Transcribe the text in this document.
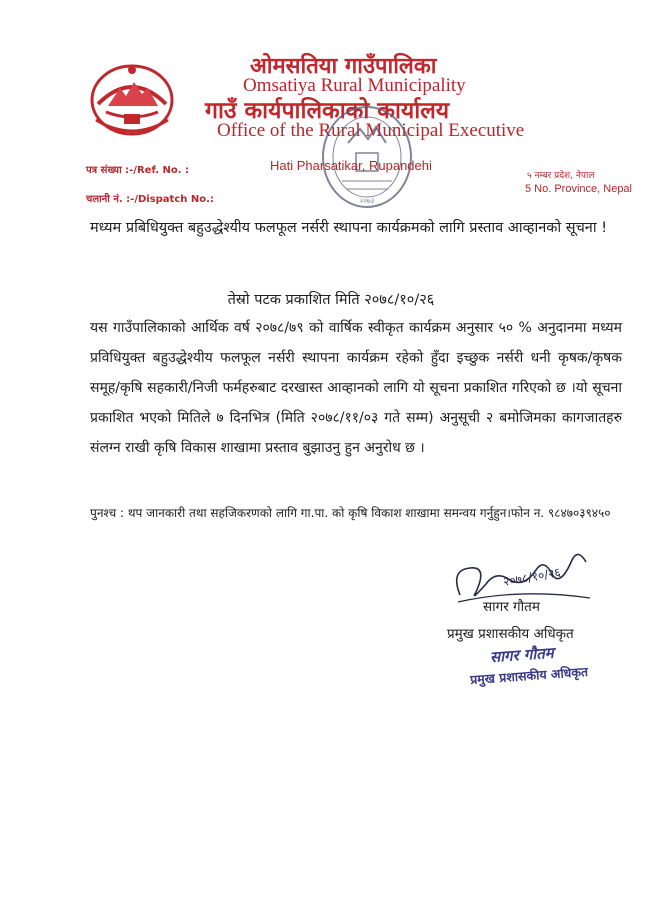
ओमसतिया गाउँपालिका
Omsatiya Rural Municipality
गाउँ कार्यपालिकाको कार्यालय
Office of the Rural Municipal Executive
२०७३
Hati Pharsatikar, Rupandehi
पत्र संख्या :-/Ref. No. :
चलानी नं. :-/Dispatch No.:
५ नम्बर प्रदेश, नेपाल
5 No. Province, Nepal
मध्यम प्रबिधियुक्त बहुउद्धेश्यीय फलफूल नर्सरी स्थापना कार्यक्रमको लागि प्रस्ताव आव्हानको सूचना !
तेस्रो पटक प्रकाशित मिति २०७८/१०/२६
यस गाउँपालिकाको आर्थिक वर्ष २०७८/७९ को वार्षिक स्वीकृत कार्यक्रम अनुसार ५० % अनुदानमा मध्यम प्रविधियुक्त बहुउद्धेश्यीय फलफूल नर्सरी स्थापना कार्यक्रम रहेको हुँदा इच्छुक नर्सरी धनी कृषक/कृषक समूह/कृषि सहकारी/निजी फर्महरुबाट दरखास्त आव्हानको लागि यो सूचना प्रकाशित गरिएको छ ।यो सूचना प्रकाशित भएको मितिले ७ दिनभित्र (मिति २०७८/११/०३ गते सम्म) अनुसूची २ बमोजिमका कागजातहरु संलग्न राखी कृषि विकास शाखामा प्रस्ताव बुझाउनु हुन अनुरोध छ ।
पुनश्च : थप जानकारी तथा सहजिकरणको लागि गा.पा. को कृषि विकाश शाखामा समन्वय गर्नुहुन।फोन न. ९८४७०३९४५०
२०७८/१०/२६
सागर गौतम
प्रमुख प्रशासकीय अधिकृत
सागर गौतम
प्रमुख प्रशासकीय अधिकृत
